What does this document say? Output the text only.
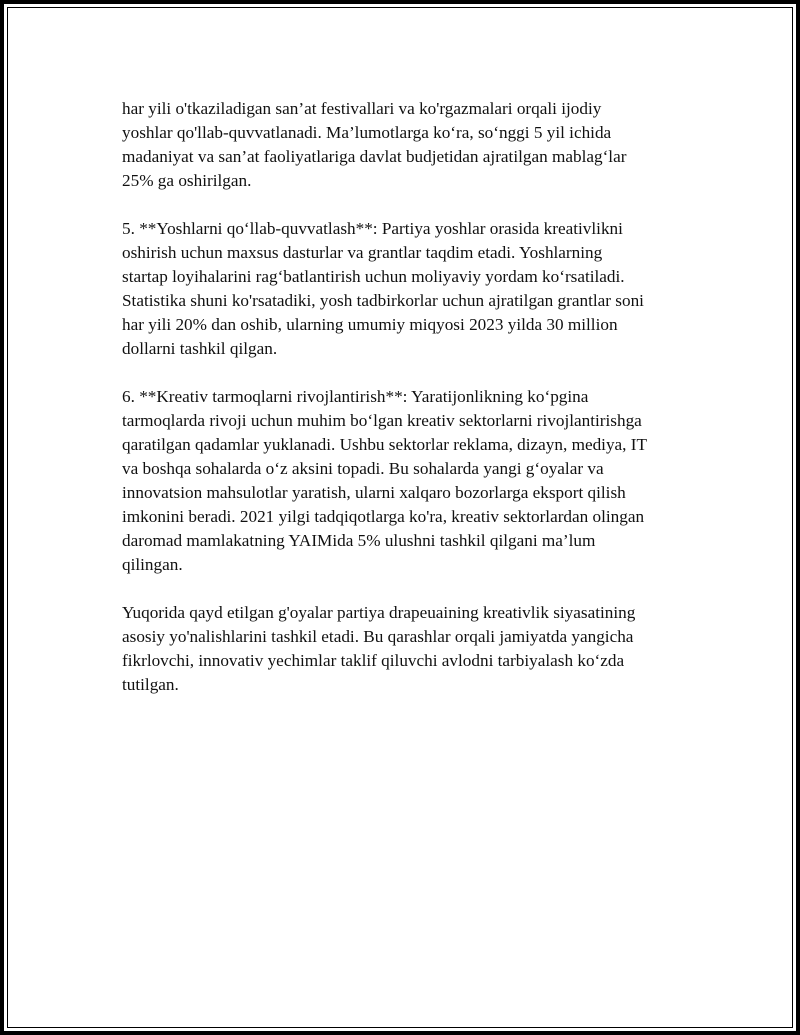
har yili o'tkaziladigan san’at festivallari va ko'rgazmalari orqali ijodiy
yoshlar qo'llab-quvvatlanadi. Ma’lumotlarga ko‘ra, so‘nggi 5 yil ichida
madaniyat va san’at faoliyatlariga davlat budjetidan ajratilgan mablag‘lar
25% ga oshirilgan.

5. **Yoshlarni qo‘llab-quvvatlash**: Partiya yoshlar orasida kreativlikni
oshirish uchun maxsus dasturlar va grantlar taqdim etadi. Yoshlarning
startap loyihalarini rag‘batlantirish uchun moliyaviy yordam ko‘rsatiladi.
Statistika shuni ko'rsatadiki, yosh tadbirkorlar uchun ajratilgan grantlar soni
har yili 20% dan oshib, ularning umumiy miqyosi 2023 yilda 30 million
dollarni tashkil qilgan.

6. **Kreativ tarmoqlarni rivojlantirish**: Yaratijonlikning ko‘pgina
tarmoqlarda rivoji uchun muhim bo‘lgan kreativ sektorlarni rivojlantirishga
qaratilgan qadamlar yuklanadi. Ushbu sektorlar reklama, dizayn, mediya, IT
va boshqa sohalarda o‘z aksini topadi. Bu sohalarda yangi g‘oyalar va
innovatsion mahsulotlar yaratish, ularni xalqaro bozorlarga eksport qilish
imkonini beradi. 2021 yilgi tadqiqotlarga ko'ra, kreativ sektorlardan olingan
daromad mamlakatning YAIMida 5% ulushni tashkil qilgani ma’lum
qilingan.

Yuqorida qayd etilgan g'oyalar partiya drapeuaining kreativlik siyasatining
asosiy yo'nalishlarini tashkil etadi. Bu qarashlar orqali jamiyatda yangicha
fikrlovchi, innovativ yechimlar taklif qiluvchi avlodni tarbiyalash ko‘zda
tutilgan.
